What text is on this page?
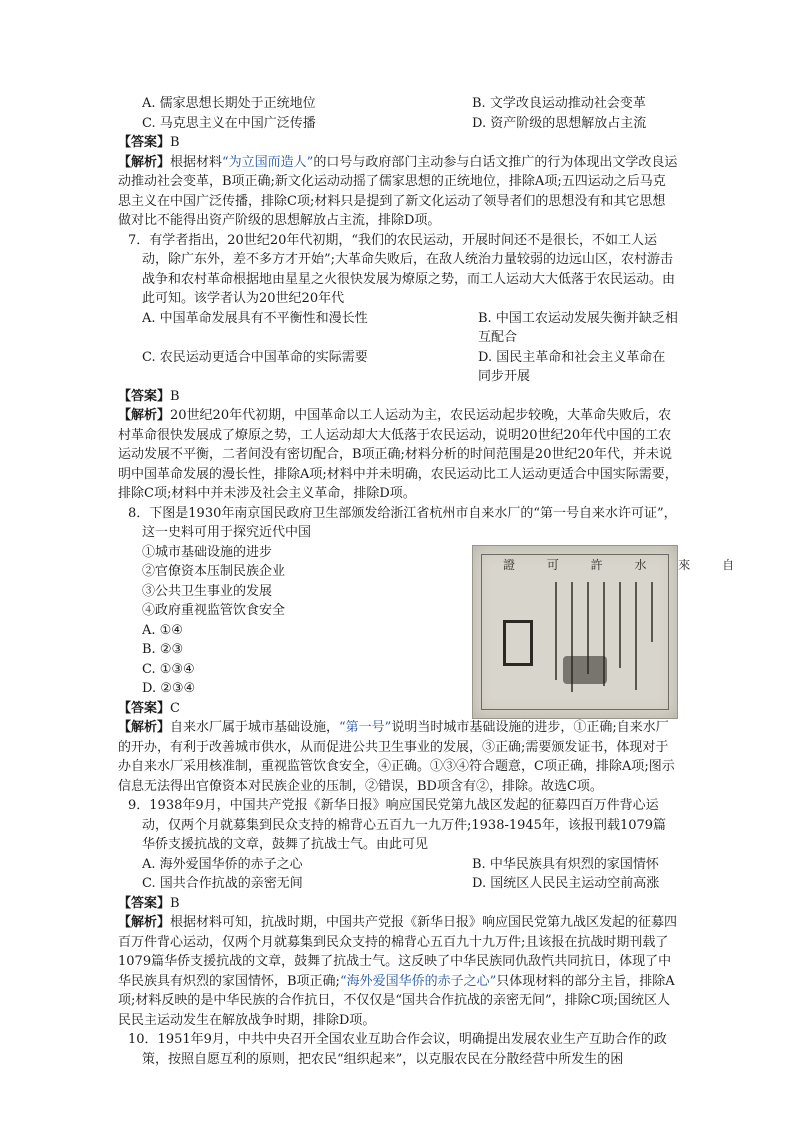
A. 儒家思想长期处于正统地位	B. 文学改良运动推动社会变革
C. 马克思主义在中国广泛传播	D. 资产阶级的思想解放占主流

【答案】B

【解析】根据材料“为立国而造人”的口号与政府部门主动参与白话文推广的行为体现出文学改良运动推动社会变革，B项正确;新文化运动动摇了儒家思想的正统地位，排除A项;五四运动之后马克思主义在中国广泛传播，排除C项;材料只是提到了新文化运动了领导者们的思想没有和其它思想做对比不能得出资产阶级的思想解放占主流，排除D项。

7．有学者指出，20世纪20年代初期，“我们的农民运动，开展时间还不是很长，不如工人运动，除广东外，差不多方才开始”;大革命失败后，在敌人统治力量较弱的边远山区，农村游击战争和农村革命根据地由星星之火很快发展为燎原之势，而工人运动大大低落于农民运动。由此可知。该学者认为20世纪20年代

A. 中国革命发展具有不平衡性和漫长性	B. 中国工农运动发展失衡并缺乏相互配合
C. 农民运动更适合中国革命的实际需要	D. 国民主革命和社会主义革命在同步开展

【答案】B

【解析】20世纪20年代初期，中国革命以工人运动为主，农民运动起步较晚，大革命失败后，农村革命很快发展成了燎原之势，工人运动却大大低落于农民运动，说明20世纪20年代中国的工农运动发展不平衡，二者间没有密切配合，B项正确;材料分析的时间范围是20世纪20年代，并未说明中国革命发展的漫长性，排除A项;材料中并未明确，农民运动比工人运动更适合中国实际需要，排除C项;材料中并未涉及社会主义革命，排除D项。

8．下图是1930年南京国民政府卫生部颁发给浙江省杭州市自来水厂的“第一号自来水许可证”，这一史料可用于探究近代中国

①城市基础设施的进步

②官僚资本压制民族企业

③公共卫生事业的发展

④政府重视监管饮食安全

A. ①④

B. ②③

C. ①③④

D. ②③④

【答案】C

【解析】自来水厂属于城市基础设施，“第一号”说明当时城市基础设施的进步，①正确;自来水厂的开办，有利于改善城市供水，从而促进公共卫生事业的发展，③正确;需要颁发证书，体现对于办自来水厂采用核准制，重视监管饮食安全，④正确。①③④符合题意，C项正确，排除A项;图示信息无法得出官僚资本对民族企业的压制，②错误，BD项含有②，排除。故选C项。

9．1938年9月，中国共产党报《新华日报》响应国民党第九战区发起的征募四百万件背心运动，仅两个月就募集到民众支持的棉背心五百九一九万件;1938-1945年，该报刊载1079篇华侨支援抗战的文章，鼓舞了抗战士气。由此可见

A. 海外爱国华侨的赤子之心	B. 中华民族具有炽烈的家国情怀
C. 国共合作抗战的亲密无间	D. 国统区人民民主运动空前高涨

【答案】B

【解析】根据材料可知，抗战时期，中国共产党报《新华日报》响应国民党第九战区发起的征募四百万件背心运动，仅两个月就募集到民众支持的棉背心五百九十九万件;且该报在抗战时期刊载了1079篇华侨支援抗战的文章，鼓舞了抗战士气。这反映了中华民族同仇敌忾共同抗日，体现了中华民族具有炽烈的家国情怀，B项正确;“海外爱国华侨的赤子之心”只体现材料的部分主旨，排除A项;材料反映的是中华民族的合作抗日，不仅仅是“国共合作抗战的亲密无间”，排除C项;国统区人民民主运动发生在解放战争时期，排除D项。

10．1951年9月，中共中央召开全国农业互助合作会议，明确提出发展农业生产互助合作的政策，按照自愿互利的原则，把农民“组织起来”，以克服农民在分散经营中所发生的困

證 可 許 水 來 自
